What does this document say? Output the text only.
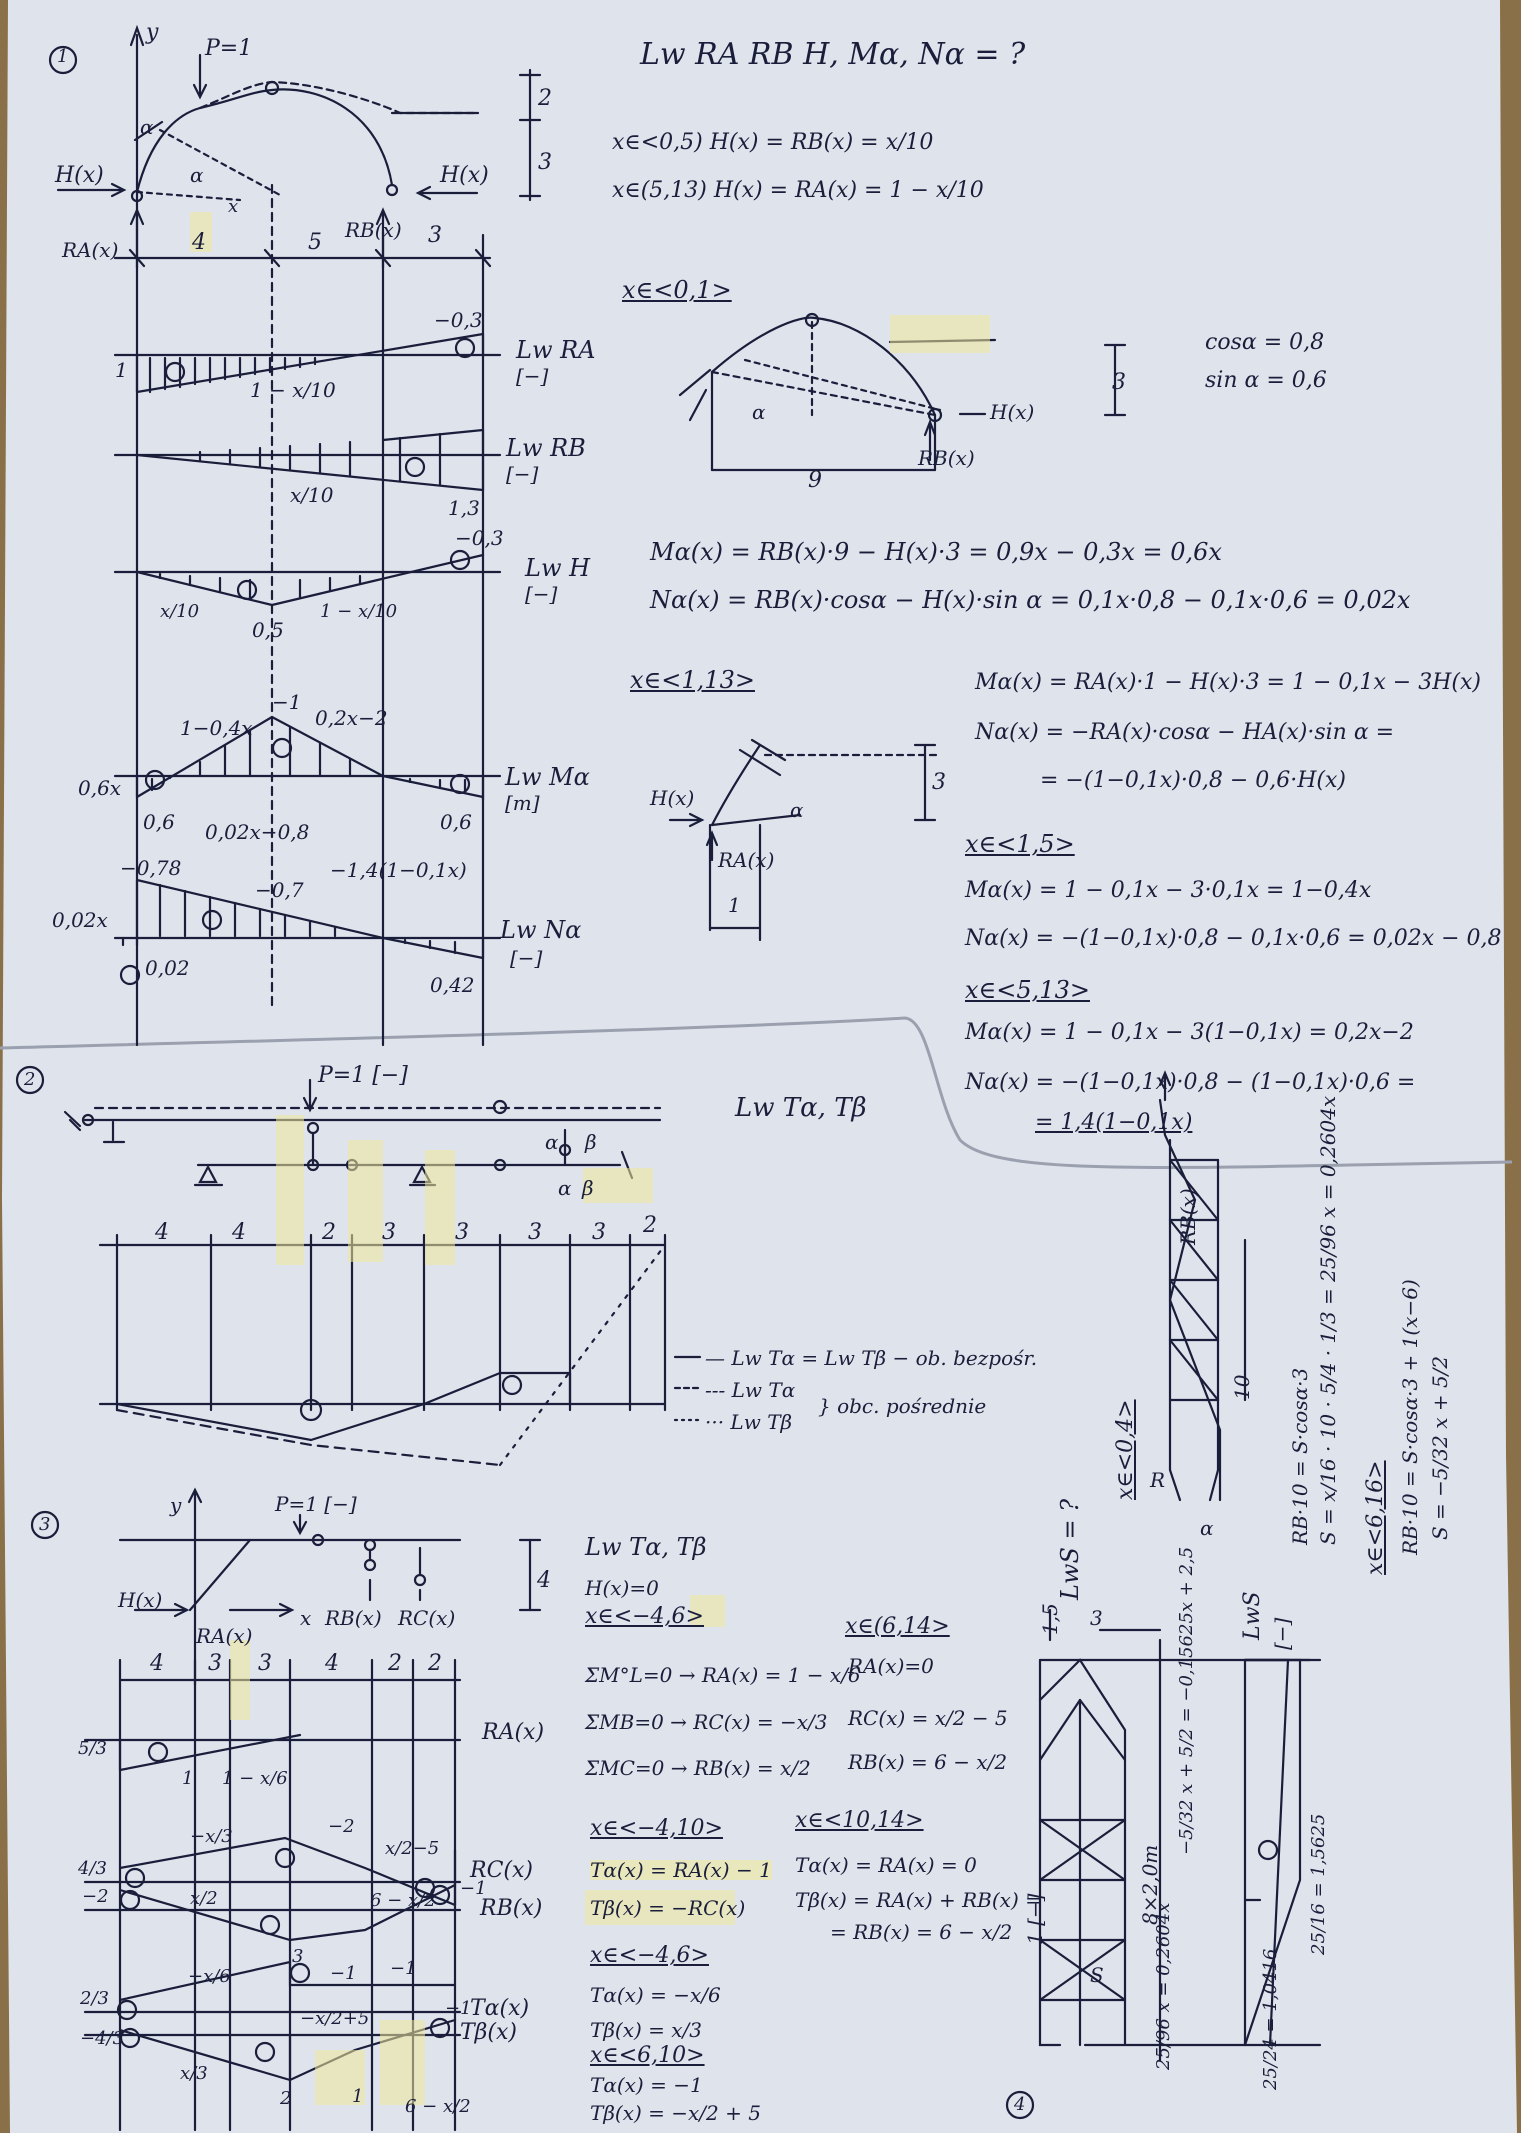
1	Lw RA RB H, Mα, Nα = ?
P=1
y
H(x)	H(x)
RA(x)
RB(x)
α
α
x
4	5	3
2
3
x∈<0,5) H(x) = RB(x) = x/10
x∈(5,13) H(x) = RA(x) = 1 − x/10
x∈<0,1>
cosα = 0,8
sin α = 0,6
9
3
H(x)
RB(x)
α
Mα(x) = RB(x)·9 − H(x)·3 = 0,9x − 0,3x = 0,6x
Nα(x) = RB(x)·cosα − H(x)·sin α = 0,1x·0,8 − 0,1x·0,6 = 0,02x
x∈<1,13>
3
1
H(x)
RA(x)
α
Mα(x) = RA(x)·1 − H(x)·3 = 1 − 0,1x − 3H(x)
Nα(x) = −RA(x)·cosα − HA(x)·sin α =
= −(1−0,1x)·0,8 − 0,6·H(x)
x∈<1,5>
Mα(x) = 1 − 0,1x − 3·0,1x = 1−0,4x
Nα(x) = −(1−0,1x)·0,8 − 0,1x·0,6 = 0,02x − 0,8
x∈<5,13>
Mα(x) = 1 − 0,1x − 3(1−0,1x) = 0,2x−2
Nα(x) = −(1−0,1x)·0,8 − (1−0,1x)·0,6 =
= 1,4(1−0,1x)
Lw RA
[−]
1
1 − x/10
−0,3
Lw RB
[−]
x/10
1,3
Lw H
[−]
x/10
0,5
1 − x/10
−0,3
Lw Mα
[m]
0,6x
0,6
1−0,4x
−1
0,2x−2
0,6
Lw Nα
[−]
0,02x
0,02
−0,78
0,02x−0,8
−0,7
−1,4(1−0,1x)
0,42
2
Lw Tα, Tβ
P=1 [−]
α β
α β
4	4	2 3	3	3 3 2
— Lw Tα = Lw Tβ − ob. bezpośr.
--- Lw Tα
··· Lw Tβ
} obc. pośrednie
3
Lw Tα, Tβ
P=1 [−]
y
H(x)
RA(x)
RB(x) RC(x)
x
4
4 3 3 4 2 2
H(x)=0
x∈<−4,6>	x∈(6,14>
ΣM°L=0 → RA(x) = 1 − x/6
ΣMB=0 → RC(x) = −x/3
ΣMC=0 → RB(x) = x/2
RA(x)=0
RC(x) = x/2 − 5
RB(x) = 6 − x/2
x∈<−4,10>	x∈<10,14>
Tα(x) = RA(x) − 1
Tβ(x) = −RC(x)
Tα(x) = RA(x) = 0
Tβ(x) = RA(x) + RB(x) =
= RB(x) = 6 − x/2
x∈<−4,6>
Tα(x) = −x/6
Tβ(x) = x/3
x∈<6,10>
Tα(x) = −1
Tβ(x) = −x/2 + 5
RA(x)
5/3
1 1 − x/6
RC(x)
4/3
−x/3	−2
x/2−5
RB(x)
−2	x/2
3
6 − x/2
−1
Tα(x)
2/3
−x/6	−1 −1
Tβ(x)
−4/3
x/3
2
−x/2+5
1 6 − x/2
−1
4
LwS = ?
1,5 3
8×2,0m
10
1 [−]
S
R
RB(x)
α
LwS [−]
x∈<0,4>	RB·10 = S·cosα·3 S = x/16 · 10 · 5/4 · 1/3 = 25/96 x = 0,2604x x∈<6,16> RB·10 = S·cosα·3 + 1(x−6) S = −5/32 x + 5/2
25/96 x = 0,2604x
−5/32 x + 5/2 = −0,15625x + 2,5
25/16 = 1,5625
25/24 = 1,0416
